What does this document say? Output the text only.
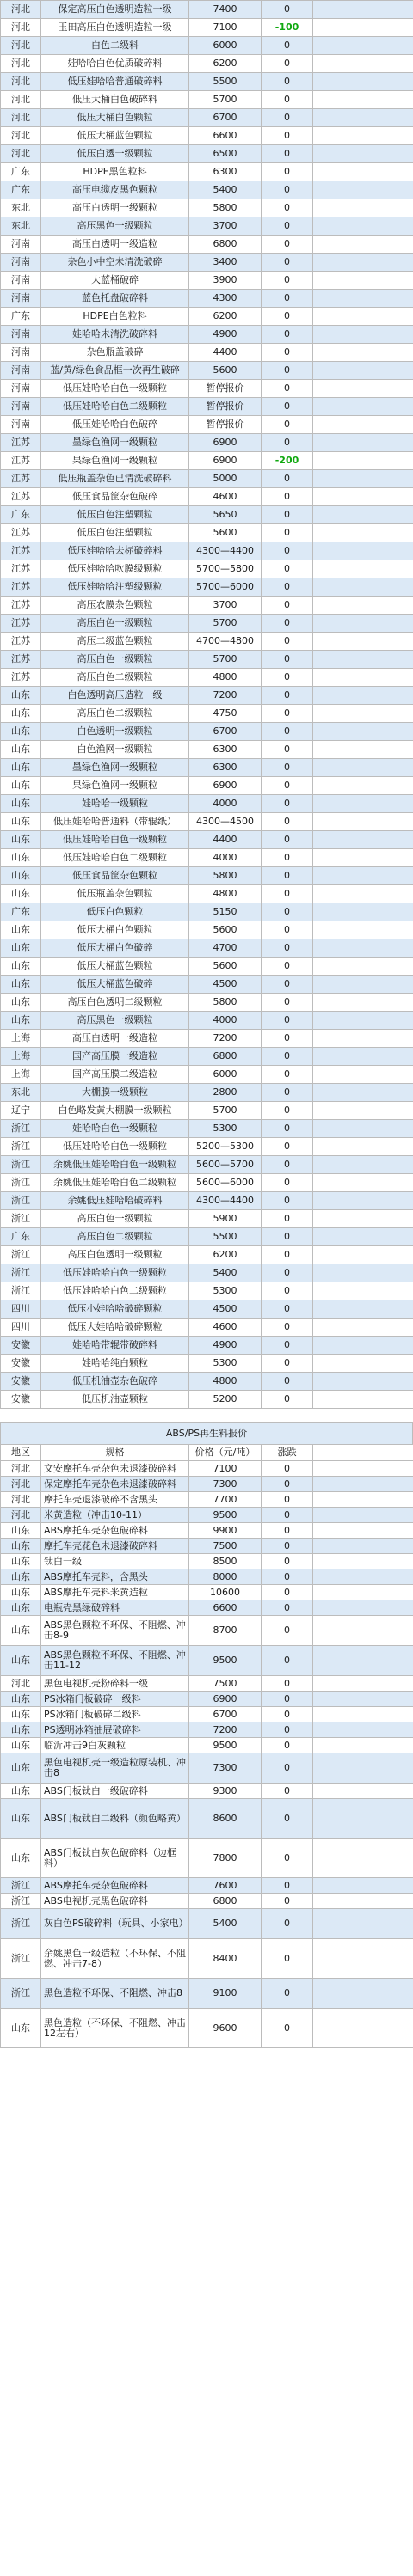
河北	保定高压白色透明造粒一级	7400	0	
河北	玉田高压白色透明造粒一级	7100	-100	
河北	白色二级料	6000	0	
河北	娃哈哈白色优质破碎料	6200	0	
河北	低压娃哈哈普通破碎料	5500	0	
河北	低压大桶白色破碎料	5700	0	
河北	低压大桶白色颗粒	6700	0	
河北	低压大桶蓝色颗粒	6600	0	
河北	低压白透一级颗粒	6500	0	
广东	HDPE黑色粒料	6300	0	
广东	高压电缆皮黑色颗粒	5400	0	
东北	高压白透明一级颗粒	5800	0	
东北	高压黑色一级颗粒	3700	0	
河南	高压白透明一级造粒	6800	0	
河南	杂色小中空未清洗破碎	3400	0	
河南	大蓝桶破碎	3900	0	
河南	蓝色托盘破碎料	4300	0	
广东	HDPE白色粒料	6200	0	
河南	娃哈哈未清洗破碎料	4900	0	
河南	杂色瓶盖破碎	4400	0	
河南	蓝/黄/绿色食品框一次再生破碎	5600	0	
河南	低压娃哈哈白色一级颗粒	暂停报价	0	
河南	低压娃哈哈白色二级颗粒	暂停报价	0	
河南	低压娃哈哈白色破碎	暂停报价	0	
江苏	墨绿色渔网一级颗粒	6900	0	
江苏	果绿色渔网一级颗粒	6900	-200	
江苏	低压瓶盖杂色已清洗破碎料	5000	0	
江苏	低压食品筐杂色破碎	4600	0	
广东	低压白色注塑颗粒	5650	0	
江苏	低压白色注塑颗粒	5600	0	
江苏	低压娃哈哈去标破碎料	4300—4400	0	
江苏	低压娃哈哈吹膜级颗粒	5700—5800	0	
江苏	低压娃哈哈注塑级颗粒	5700—6000	0	
江苏	高压农膜杂色颗粒	3700	0	
江苏	高压白色一级颗粒	5700	0	
江苏	高压二级蓝色颗粒	4700—4800	0	
江苏	高压白色一级颗粒	5700	0	
江苏	高压白色二级颗粒	4800	0	
山东	白色透明高压造粒一级	7200	0	
山东	高压白色二级颗粒	4750	0	
山东	白色透明一级颗粒	6700	0	
山东	白色渔网一级颗粒	6300	0	
山东	墨绿色渔网一级颗粒	6300	0	
山东	果绿色渔网一级颗粒	6900	0	
山东	娃哈哈一级颗粒	4000	0	
山东	低压娃哈哈普通料（带辊纸）	4300—4500	0	
山东	低压娃哈哈白色一级颗粒	4400	0	
山东	低压娃哈哈白色二级颗粒	4000	0	
山东	低压食品筐杂色颗粒	5800	0	
山东	低压瓶盖杂色颗粒	4800	0	
广东	低压白色颗粒	5150	0	
山东	低压大桶白色颗粒	5600	0	
山东	低压大桶白色破碎	4700	0	
山东	低压大桶蓝色颗粒	5600	0	
山东	低压大桶蓝色破碎	4500	0	
山东	高压白色透明二级颗粒	5800	0	
山东	高压黑色一级颗粒	4000	0	
上海	高压白透明一级造粒	7200	0	
上海	国产高压膜一级造粒	6800	0	
上海	国产高压膜二级造粒	6000	0	
东北	大棚膜一级颗粒	2800	0	
辽宁	白色略发黄大棚膜一级颗粒	5700	0	
浙江	娃哈哈白色一级颗粒	5300	0	
浙江	低压娃哈哈白色一级颗粒	5200—5300	0	
浙江	余姚低压娃哈哈白色一级颗粒	5600—5700	0	
浙江	余姚低压娃哈哈白色二级颗粒	5600—6000	0	
浙江	余姚低压娃哈哈破碎料	4300—4400	0	
浙江	高压白色一级颗粒	5900	0	
广东	高压白色二级颗粒	5500	0	
浙江	高压白色透明一级颗粒	6200	0	
浙江	低压娃哈哈白色一级颗粒	5400	0	
浙江	低压娃哈哈白色二级颗粒	5300	0	
四川	低压小娃哈哈破碎颗粒	4500	0	
四川	低压大娃哈哈破碎颗粒	4600	0	
安徽	娃哈哈带辊带破碎料	4900	0	
安徽	娃哈哈纯白颗粒	5300	0	
安徽	低压机油壶杂色破碎	4800	0	
安徽	低压机油壶颗粒	5200	0	
ABS/PS再生料报价
地区	规格	价格（元/吨）	涨跌	
河北	文安摩托车壳杂色未退漆破碎料	7100	0	
河北	保定摩托车壳杂色未退漆破碎料	7300	0	
河北	摩托车壳退漆破碎不含黑头	7700	0	
河北	米黄造粒（冲击10-11）	9500	0	
山东	ABS摩托车壳杂色破碎料	9900	0	
山东	摩托车壳花色未退漆破碎料	7500	0	
山东	钛白一级	8500	0	
山东	ABS摩托车壳料，含黑头	8000	0	
山东	ABS摩托车壳料米黄造粒	10600	0	
山东	电瓶壳黑绿破碎料	6600	0	
山东	ABS黑色颗粒不环保、不阻燃、冲击8-9	8700	0	
山东	ABS黑色颗粒不环保、不阻燃、冲击11-12	9500	0	
河北	黑色电视机壳粉碎料一级	7500	0	
山东	PS冰箱门板破碎一级料	6900	0	
山东	PS冰箱门板破碎二级料	6700	0	
山东	PS透明冰箱抽屉破碎料	7200	0	
山东	临沂冲击9白灰颗粒	9500	0	
山东	黑色电视机壳一级造粒原装机、冲击8	7300	0	
山东	ABS门板钛白一级破碎料	9300	0	
山东	ABS门板钛白二级料（颜色略黄）	8600	0	
山东	ABS门板钛白灰色破碎料（边框料）	7800	0	
浙江	ABS摩托车壳杂色破碎料	7600	0	
浙江	ABS电视机壳黑色破碎料	6800	0	
浙江	灰白色PS破碎料（玩具、小家电）	5400	0	
浙江	余姚黑色一级造粒（不环保、不阻燃、冲击7-8）	8400	0	
浙江	黑色造粒不环保、不阻燃、冲击8	9100	0	
山东	黑色造粒（不环保、不阻燃、冲击12左右）	9600	0	
